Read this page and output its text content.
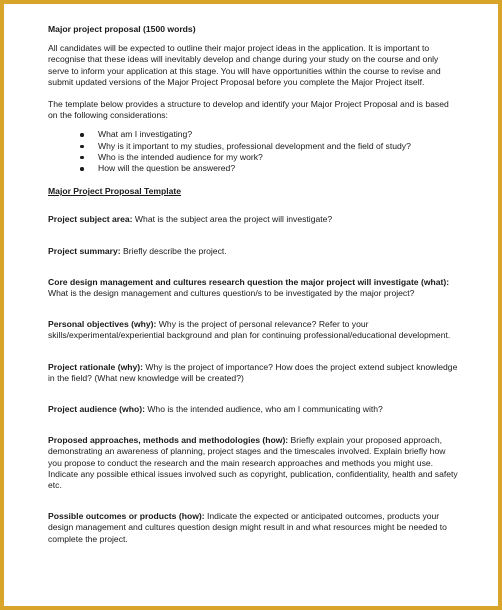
Major project proposal (1500 words)

All candidates will be expected to outline their major project ideas in the application. It is important to recognise that these ideas will inevitably develop and change during your study on the course and only serve to inform your application at this stage. You will have opportunities within the course to revise and submit updated versions of the Major Project Proposal before you complete the Major Project itself.

The template below provides a structure to develop and identify your Major Project Proposal and is based on the following considerations:

What am I investigating?
Why is it important to my studies, professional development and the field of study?
Who is the intended audience for my work?
How will the question be answered?
Major Project Proposal Template
Project subject area: What is the subject area the project will investigate?
Project summary: Briefly describe the project.
Core design management and cultures research question the major project will investigate (what): What is the design management and cultures question/s to be investigated by the major project?
Personal objectives (why): Why is the project of personal relevance? Refer to your skills/experimental/experiential background and plan for continuing professional/educational development.
Project rationale (why): Why is the project of importance? How does the project extend subject knowledge in the field? (What new knowledge will be created?)
Project audience (who): Who is the intended audience, who am I communicating with?
Proposed approaches, methods and methodologies (how): Briefly explain your proposed approach, demonstrating an awareness of planning, project stages and the timescales involved. Explain briefly how you propose to conduct the research and the main research approaches and methods you might use. Indicate any possible ethical issues involved such as copyright, publication, confidentiality, health and safety etc.
Possible outcomes or products (how): Indicate the expected or anticipated outcomes, products your design management and cultures question design might result in and what resources might be needed to complete the project.
